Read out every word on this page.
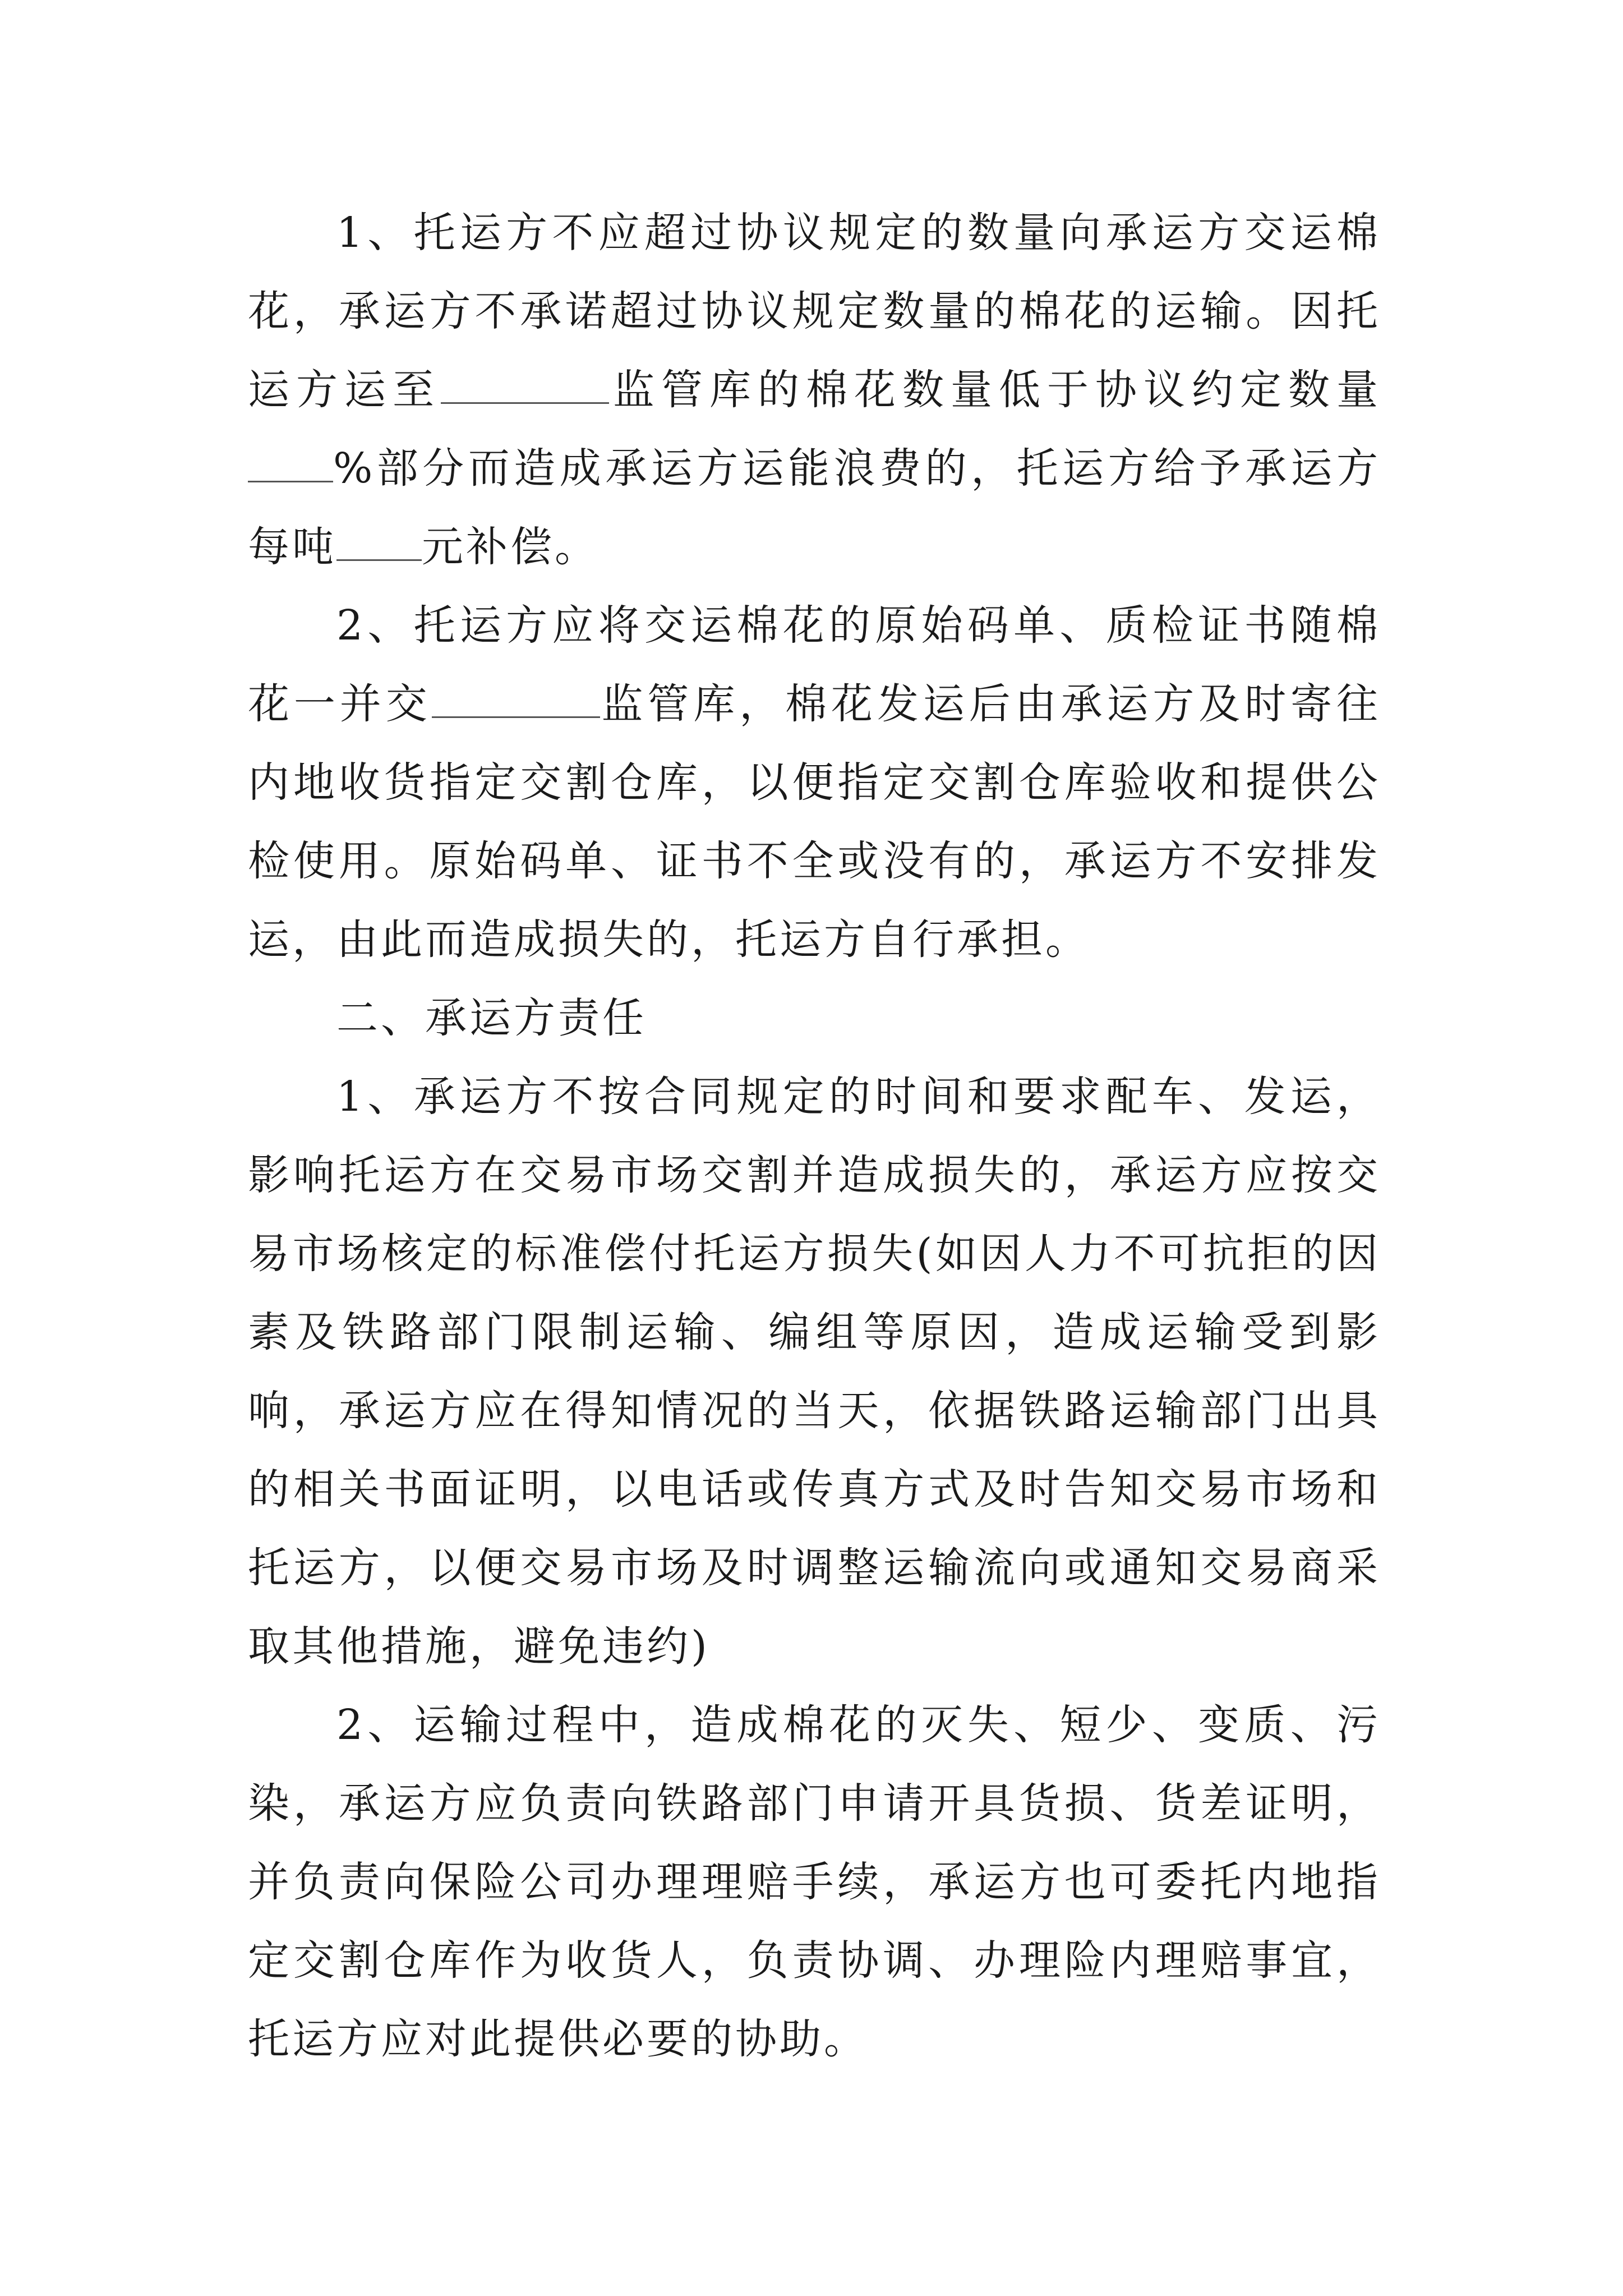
1、托运方不应超过协议规定的数量向承运方交运棉花，承运方不承诺超过协议规定数量的棉花的运输。因托运方运至	监管库的棉花数量低于协议约定数量%部分而造成承运方运能浪费的，托运方给予承运方每吨 元补偿。

2、托运方应将交运棉花的原始码单、质检证书随棉花一并交	监管库，棉花发运后由承运方及时寄往内地收货指定交割仓库，以便指定交割仓库验收和提供公检使用。原始码单、证书不全或没有的，承运方不安排发运，由此而造成损失的，托运方自行承担。

二、承运方责任

1、承运方不按合同规定的时间和要求配车、发运，影响托运方在交易市场交割并造成损失的，承运方应按交易市场核定的标准偿付托运方损失(如因人力不可抗拒的因素及铁路部门限制运输、编组等原因，造成运输受到影响，承运方应在得知情况的当天，依据铁路运输部门出具的相关书面证明，以电话或传真方式及时告知交易市场和托运方，以便交易市场及时调整运输流向或通知交易商采取其他措施，避免违约)

2、运输过程中，造成棉花的灭失、短少、变质、污染，承运方应负责向铁路部门申请开具货损、货差证明，并负责向保险公司办理理赔手续，承运方也可委托内地指定交割仓库作为收货人，负责协调、办理险内理赔事宜，托运方应对此提供必要的协助。
